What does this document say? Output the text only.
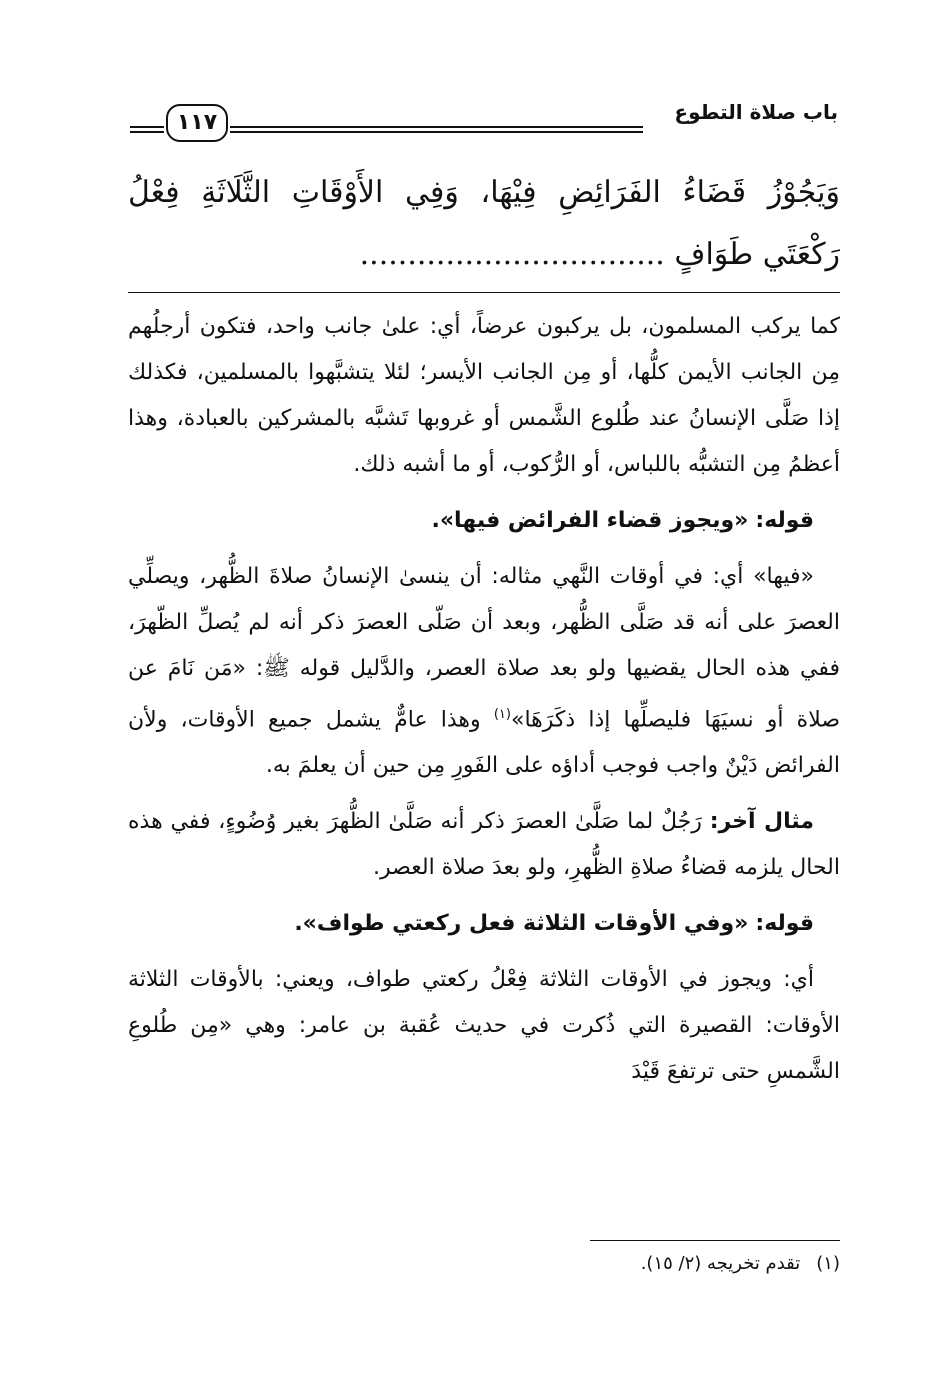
١١٧	باب صلاة التطوع
وَيَجُوْزُ قَضَاءُ الفَرَائِضِ فِيْهَا، وَفِي الأَوْقَاتِ الثَّلَاثَةِ فِعْلُ
رَكْعَتَي طَوَافٍ ................................

كما يركب المسلمون، بل يركبون عرضاً، أي: علىٰ جانب واحد، فتكون أرجلُهم مِن الجانب الأيمن كلُّها، أو مِن الجانب الأيسر؛ لئلا يتشبَّهوا بالمسلمين، فكذلك إذا صَلَّى الإنسانُ عند طُلوع الشَّمس أو غروبها تَشبَّه بالمشركين بالعبادة، وهذا أعظمُ مِن التشبُّه باللباس، أو الرُّكوب، أو ما أشبه ذلك.

قوله: «ويجوز قضاء الفرائض فيها».

«فيها» أي: في أوقات النَّهي مثاله: أن ينسىٰ الإنسانُ صلاةَ الظُّهر، ويصلِّي العصرَ على أنه قد صَلَّى الظُّهر، وبعد أن صَلّى العصرَ ذكر أنه لم يُصلِّ الظّهرَ، ففي هذه الحال يقضيها ولو بعد صلاة العصر، والدَّليل قوله ﷺ: «مَن نَامَ عن صلاة أو نسيَهَا فليصلِّها إذا ذكَرَهَا»$^{(١)}$ وهذا عامٌّ يشمل جميع الأوقات، ولأن الفرائض دَيْنٌ واجب فوجب أداؤه على الفَورِ مِن حين أن يعلمَ به.

مثال آخر: رَجُلٌ لما صَلَّىٰ العصرَ ذكر أنه صَلَّىٰ الظُّهرَ بغير وُضُوءٍ، ففي هذه الحال يلزمه قضاءُ صلاةِ الظُّهرِ، ولو بعدَ صلاة العصر.

قوله: «وفي الأوقات الثلاثة فعل ركعتي طواف».

أي: ويجوز في الأوقات الثلاثة فِعْلُ ركعتي طواف، ويعني: بالأوقات الثلاثة الأوقات: القصيرة التي ذُكرت في حديث عُقبة بن عامر: وهي «مِن طُلوعِ الشَّمسِ حتى ترتفعَ قَيْدَ

(١)تقدم تخريجه (٢/ ١٥).
